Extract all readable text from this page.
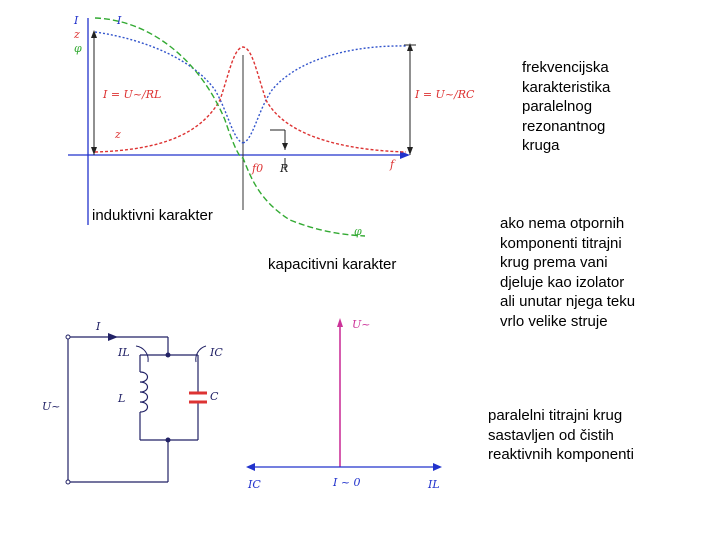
frekvencijska
karakteristika
paralelnog
rezonantnog
kruga
induktivni karakter
kapacitivni karakter
ako nema otpornih
komponenti titrajni
krug prema vani
djeluje kao izolator
ali unutar njega teku
vrlo velike struje
paralelni titrajni krug
sastavljen od čistih
reaktivnih komponenti
I
z
φ
I
z
I = U~/RL	I = U~/RC
f0 R	f
φ
I
IL	IC
U~
L	C
U~
IC	I ~ 0	IL
